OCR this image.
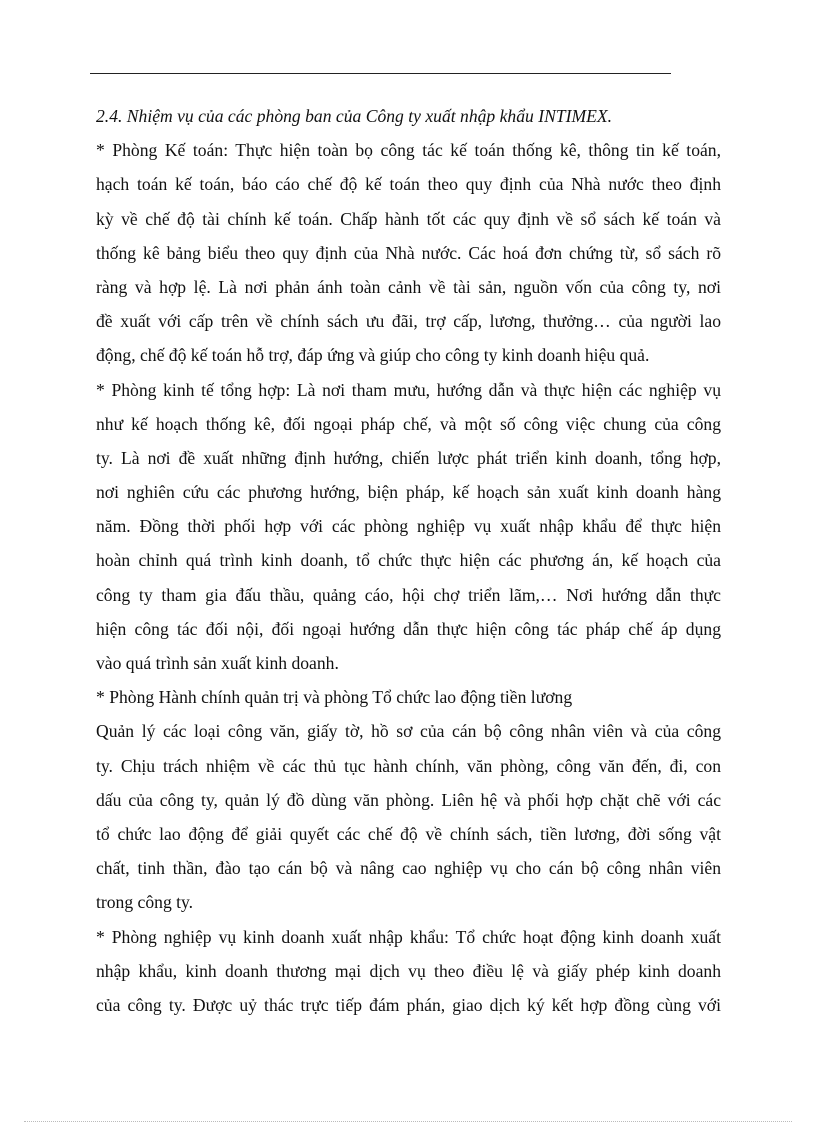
2.4. Nhiệm vụ của các phòng ban của Công ty xuất nhập khẩu INTIMEX.
* Phòng Kế toán: Thực hiện toàn bọ công tác kế toán thống kê, thông tin kế toán,
hạch toán kế toán, báo cáo chế độ kế toán theo quy định của Nhà nước theo định
kỳ về chế độ tài chính kế toán. Chấp hành tốt các quy định về sổ sách kế toán và
thống kê bảng biểu theo quy định của Nhà nước. Các hoá đơn chứng từ, sổ sách rõ
ràng và hợp lệ. Là nơi phản ánh toàn cảnh về tài sản, nguồn vốn của công ty, nơi
đề xuất với cấp trên về chính sách ưu đãi, trợ cấp, lương, thưởng… của người lao
động, chế độ kế toán hỗ trợ, đáp ứng và giúp cho công ty kinh doanh hiệu quả.
* Phòng kinh tế tổng hợp: Là nơi tham mưu, hướng dẫn và thực hiện các nghiệp vụ
như kế hoạch thống kê, đối ngoại pháp chế, và một số công việc chung của công
ty. Là nơi đề xuất những định hướng, chiến lược phát triển kinh doanh, tổng hợp,
nơi nghiên cứu các phương hướng, biện pháp, kế hoạch sản xuất kinh doanh hàng
năm. Đồng thời phối hợp với các phòng nghiệp vụ xuất nhập khẩu để thực hiện
hoàn chỉnh quá trình kinh doanh, tổ chức thực hiện các phương án, kế hoạch của
công ty tham gia đấu thầu, quảng cáo, hội chợ triển lãm,… Nơi hướng dẫn thực
hiện công tác đối nội, đối ngoại hướng dẫn thực hiện công tác pháp chế áp dụng
vào quá trình sản xuất kinh doanh.
* Phòng Hành chính quản trị và phòng Tổ chức lao động tiền lương
Quản lý các loại công văn, giấy tờ, hồ sơ của cán bộ công nhân viên và của công
ty. Chịu trách nhiệm về các thủ tục hành chính, văn phòng, công văn đến, đi, con
dấu của công ty, quản lý đồ dùng văn phòng. Liên hệ và phối hợp chặt chẽ với các
tổ chức lao động để giải quyết các chế độ về chính sách, tiền lương, đời sống vật
chất, tinh thần, đào tạo cán bộ và nâng cao nghiệp vụ cho cán bộ công nhân viên
trong công ty.
* Phòng nghiệp vụ kinh doanh xuất nhập khẩu: Tổ chức hoạt động kinh doanh xuất
nhập khẩu, kinh doanh thương mại dịch vụ theo điều lệ và giấy phép kinh doanh
của công ty. Được uỷ thác trực tiếp đám phán, giao dịch ký kết hợp đồng cùng với
